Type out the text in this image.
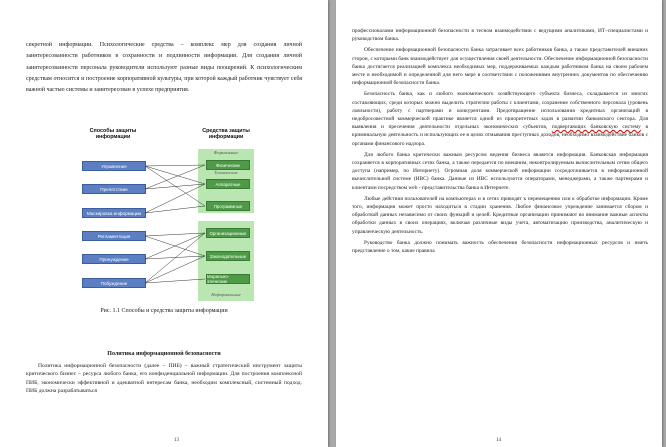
секретной информации. Психологические средства – комплекс мер для создания личной заинтересованности работников в сохранности и подлинности информации. Для создания личной заинтересованности персонала руководители используют разные виды поощрений. К психологическим средствам относится и построение корпоративной культуры, при которой каждый работник чувствует себя важной частью системы и заинтересован в успехе предприятия.

Способы защиты информации
Средства защиты информации
Формальные
Технические
Неформальные
Управление
Препятствие
Маскировка информации
Регламентация
Принуждение
Побуждение
Физические
Аппаратные
Программные
Организационные
Законодательные
Морально-этические
Рис. 1.1 Способы и средства защиты информации
Политика информационной безопасности

Политика информационной безопасности (далее – ПИБ) – важный стратегический инструмент защиты критического бизнес – ресурса любого банка, его конфиденциальной информации. Для построения комплексной ПИБ, экономически эффективной и адекватной интересам банка, необходим комплексный, системный подход. ПИБ должна разрабатываться

13

профессионалами информационной безопасности в тесном взаимодействии с ведущими аналитиками, ИТ–специалистами и руководством банка.

Обеспечение информационной безопасности банка затрагивает всех работников банка, а также представителей внешних сторон, с которыми банк взаимодействует для осуществления своей деятельности. Обеспечение информационной безопасности банка достигается реализацией комплекса необходимых мер, поддерживаемых каждым работником банка на своем рабочем месте в необходимой и определенной для него мере в соответствии с положениями внутренних документов по обеспечению информационной безопасности банка.

Безопасность банка, как и любого экономического хозяйствующего субъекта бизнеса, складывается из многих составляющих, среди которых можно выделить стратегию работы с клиентами, сохранение собственного персонала (уровень лояльности), работу с партнерами и конкурентами. Предотвращение использования кредитных организаций в недобросовестной коммерческой практике является одной из приоритетных задач в развитии банковского сектора. Для выявления и пресечения деятельности отдельных экономических субъектов, подвергающих банковскую систему в криминальную деятельность и использующих ее в целях отмывания преступных доходов, необходимо взаимодействие банков с органами финансового надзора.

Для любого банка критически важным ресурсом ведения бизнеса является информация. Банковская информация сохраняется в корпоративных сетях банка, а также передается по внешним, неконтролируемым вычислительным сетям общего доступа (например, по Интернету). Огромная доля коммерческой информации сосредотачивается в информационной вычислительной системе (ИВС) банка. Данные из ИВС используются операторами, менеджерами, а также партнерами и клиентами посредством web - представительства банка в Интернете.

Любые действия пользователей на компьютерах и в сетях приводят к перемещению или к обработке информации. Кроме того, информация может просто находиться в стадии хранения. Любое финансовое учреждение занимается сбором и обработкой данных независимо от своих функций и целей. Кредитные организации принимают во внимание важные аспекты обработки данных в своих операциях, включая различные виды учета, автоматизацию производства, аналитическую и управленческую деятельность.

Руководство банка должно понимать важность обеспечения безопасности информационных ресурсов и иметь представление о том, какие правила

14
